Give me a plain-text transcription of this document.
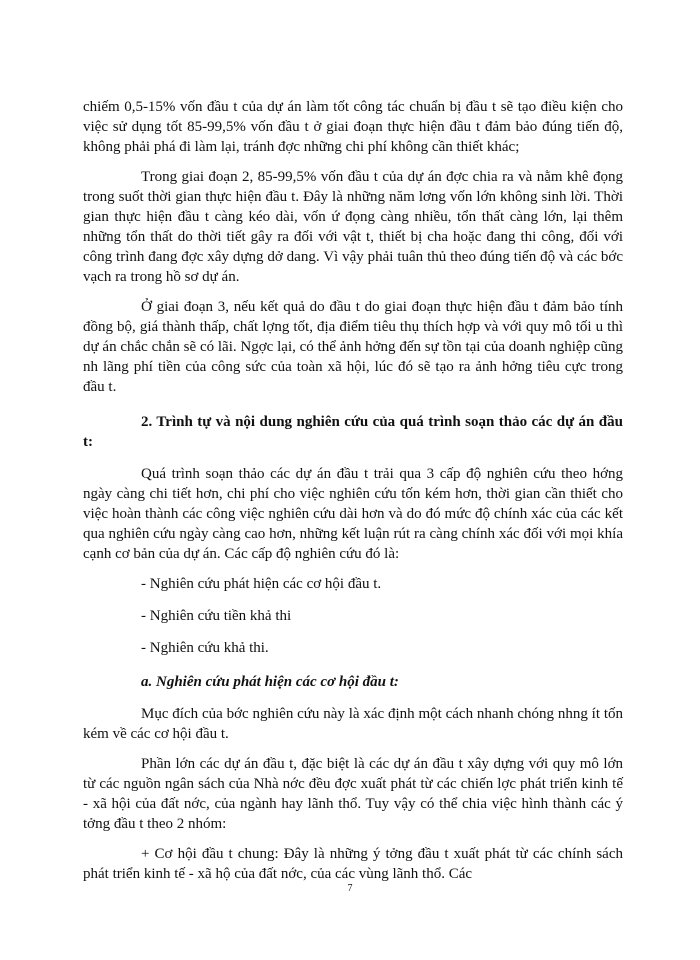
chiếm 0,5-15% vốn đầu t của dự án làm tốt công tác chuẩn bị đầu t sẽ tạo điều kiện cho việc sử dụng tốt 85-99,5% vốn đầu t ở giai đoạn thực hiện đầu t đảm bảo đúng tiến độ, không phải phá đi làm lại, tránh đợc những chi phí không cần thiết khác;

Trong giai đoạn 2, 85-99,5% vốn đầu t của dự án đợc chia ra và nằm khê đọng trong suốt thời gian thực hiện đầu t. Đây là những năm lơng vốn lớn không sinh lời. Thời gian thực hiện đầu t càng kéo dài, vốn ứ đọng càng nhiều, tổn thất càng lớn, lại thêm những tổn thất do thời tiết gây ra đối với vật t, thiết bị cha hoặc đang thi công, đối với công trình đang đợc xây dựng dở dang. Vì vậy phải tuân thủ theo đúng tiến độ và các bớc vạch ra trong hồ sơ dự án.

Ở giai đoạn 3, nếu kết quả do đầu t do giai đoạn thực hiện đầu t đảm bảo tính đồng bộ, giá thành thấp, chất lợng tốt, địa điểm tiêu thụ thích hợp và với quy mô tối u thì dự án chắc chắn sẽ có lãi. Ngợc lại, có thể ảnh hởng đến sự tồn tại của doanh nghiệp cũng nh lãng phí tiền của công sức của toàn xã hội, lúc đó sẽ tạo ra ảnh hởng tiêu cực trong đầu t.

2. Trình tự và nội dung nghiên cứu của quá trình soạn thảo các dự án đầu t:

Quá trình soạn thảo các dự án đầu t trải qua 3 cấp độ nghiên cứu theo hớng ngày càng chi tiết hơn, chi phí cho việc nghiên cứu tốn kém hơn, thời gian cần thiết cho việc hoàn thành các công việc nghiên cứu dài hơn và do đó mức độ chính xác của các kết qua nghiên cứu ngày càng cao hơn, những kết luận rút ra càng chính xác đối với mọi khía cạnh cơ bản của dự án. Các cấp độ nghiên cứu đó là:

- Nghiên cứu phát hiện các cơ hội đầu t.

- Nghiên cứu tiền khả thi

- Nghiên cứu khả thi.

a. Nghiên cứu phát hiện các cơ hội đầu t:

Mục đích của bớc nghiên cứu này là xác định một cách nhanh chóng nhng ít tốn kém về các cơ hội đầu t.

Phần lớn các dự án đầu t, đặc biệt là các dự án đầu t xây dựng với quy mô lớn từ các nguồn ngân sách của Nhà nớc đều đợc xuất phát từ các chiến lợc phát triển kinh tế - xã hội của đất nớc, của ngành hay lãnh thổ. Tuy vậy có thể chia việc hình thành các ý tởng đầu t theo 2 nhóm:

+ Cơ hội đầu t chung: Đây là những ý tởng đầu t xuất phát từ các chính sách phát triển kinh tế - xã hộ của đất nớc, của các vùng lãnh thổ. Các

7
